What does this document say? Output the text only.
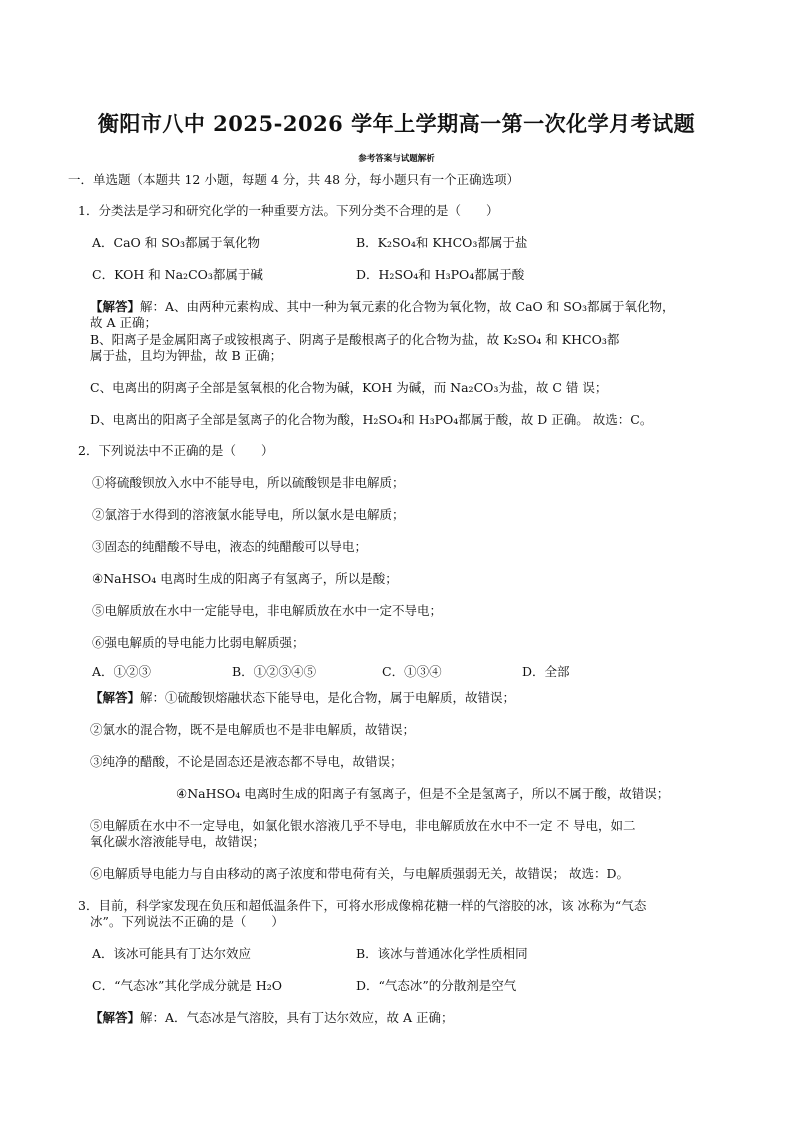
衡阳市八中 2025-2026 学年上学期高一第一次化学月考试题
参考答案与试题解析
一．单选题（本题共 12 小题，每题 4 分，共 48 分，每小题只有一个正确选项）
1．分类法是学习和研究化学的一种重要方法。下列分类不合理的是（　　）
A．CaO 和 SO₃都属于氧化物	B．K₂SO₄和 KHCO₃都属于盐
C．KOH 和 Na₂CO₃都属于碱	D．H₂SO₄和 H₃PO₄都属于酸
【解答】解：A、由两种元素构成、其中一种为氧元素的化合物为氧化物，故 CaO 和 SO₃都属于氧化物，
故 A 正确；
B、阳离子是金属阳离子或铵根离子、阴离子是酸根离子的化合物为盐，故 K₂SO₄ 和 KHCO₃都
属于盐，且均为钾盐，故 B 正确；
C、电离出的阴离子全部是氢氧根的化合物为碱，KOH 为碱，而 Na₂CO₃为盐，故 C 错 误；
D、电离出的阳离子全部是氢离子的化合物为酸，H₂SO₄和 H₃PO₄都属于酸，故 D 正确。 故选：C。
2．下列说法中不正确的是（　　）
①将硫酸钡放入水中不能导电，所以硫酸钡是非电解质；
②氯溶于水得到的溶液氯水能导电，所以氯水是电解质；
③固态的纯醋酸不导电，液态的纯醋酸可以导电；
④NaHSO₄ 电离时生成的阳离子有氢离子，所以是酸；
⑤电解质放在水中一定能导电，非电解质放在水中一定不导电；
⑥强电解质的导电能力比弱电解质强；
A．①②③	B．①②③④⑤	C．①③④	D．全部
【解答】解：①硫酸钡熔融状态下能导电，是化合物，属于电解质，故错误；
②氯水的混合物，既不是电解质也不是非电解质，故错误；
③纯净的醋酸，不论是固态还是液态都不导电，故错误；
④NaHSO₄ 电离时生成的阳离子有氢离子，但是不全是氢离子，所以不属于酸，故错误；
⑤电解质在水中不一定导电，如氯化银水溶液几乎不导电，非电解质放在水中不一定 不 导电，如二
氧化碳水溶液能导电，故错误；
⑥电解质导电能力与自由移动的离子浓度和带电荷有关，与电解质强弱无关，故错误； 故选：D。
3．目前，科学家发现在负压和超低温条件下，可将水形成像棉花糖一样的气溶胶的冰，该 冰称为“气态
冰”。下列说法不正确的是（　　）
A．该冰可能具有丁达尔效应	B．该冰与普通冰化学性质相同
C．“气态冰”其化学成分就是 H₂O	D．“气态冰”的分散剂是空气
【解答】解：A．气态冰是气溶胶，具有丁达尔效应，故 A 正确；
